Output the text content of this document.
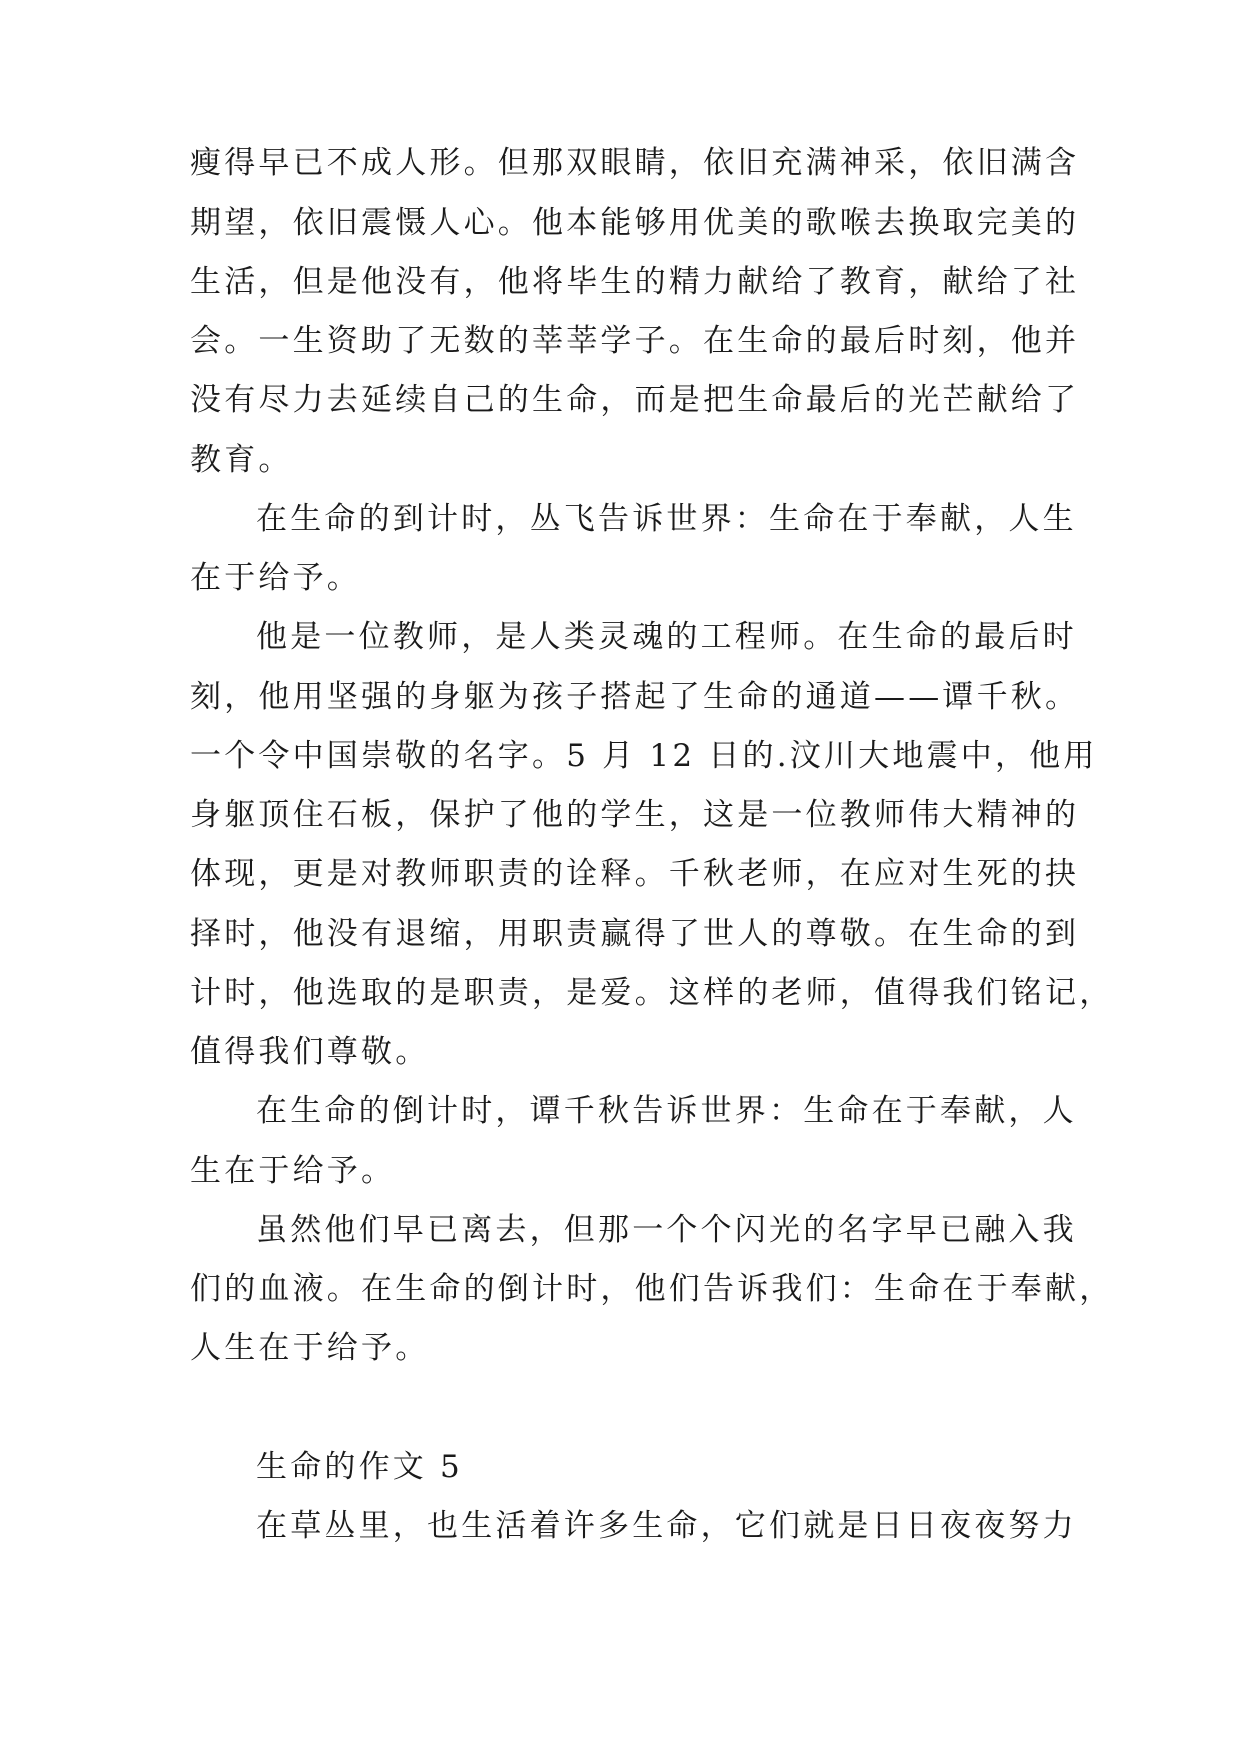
瘦得早已不成人形。但那双眼睛，依旧充满神采，依旧满含
期望，依旧震慑人心。他本能够用优美的歌喉去换取完美的
生活，但是他没有，他将毕生的精力献给了教育，献给了社
会。一生资助了无数的莘莘学子。在生命的最后时刻，他并
没有尽力去延续自己的生命，而是把生命最后的光芒献给了
教育。
在生命的到计时，丛飞告诉世界：生命在于奉献，人生
在于给予。
他是一位教师，是人类灵魂的工程师。在生命的最后时
刻，他用坚强的身躯为孩子搭起了生命的通道——谭千秋。
一个令中国崇敬的名字。5 月 12 日的.汶川大地震中，他用
身躯顶住石板，保护了他的学生，这是一位教师伟大精神的
体现，更是对教师职责的诠释。千秋老师，在应对生死的抉
择时，他没有退缩，用职责赢得了世人的尊敬。在生命的到
计时，他选取的是职责，是爱。这样的老师，值得我们铭记，
值得我们尊敬。
在生命的倒计时，谭千秋告诉世界：生命在于奉献，人
生在于给予。
虽然他们早已离去，但那一个个闪光的名字早已融入我
们的血液。在生命的倒计时，他们告诉我们：生命在于奉献，
人生在于给予。
生命的作文 5
在草丛里，也生活着许多生命，它们就是日日夜夜努力
